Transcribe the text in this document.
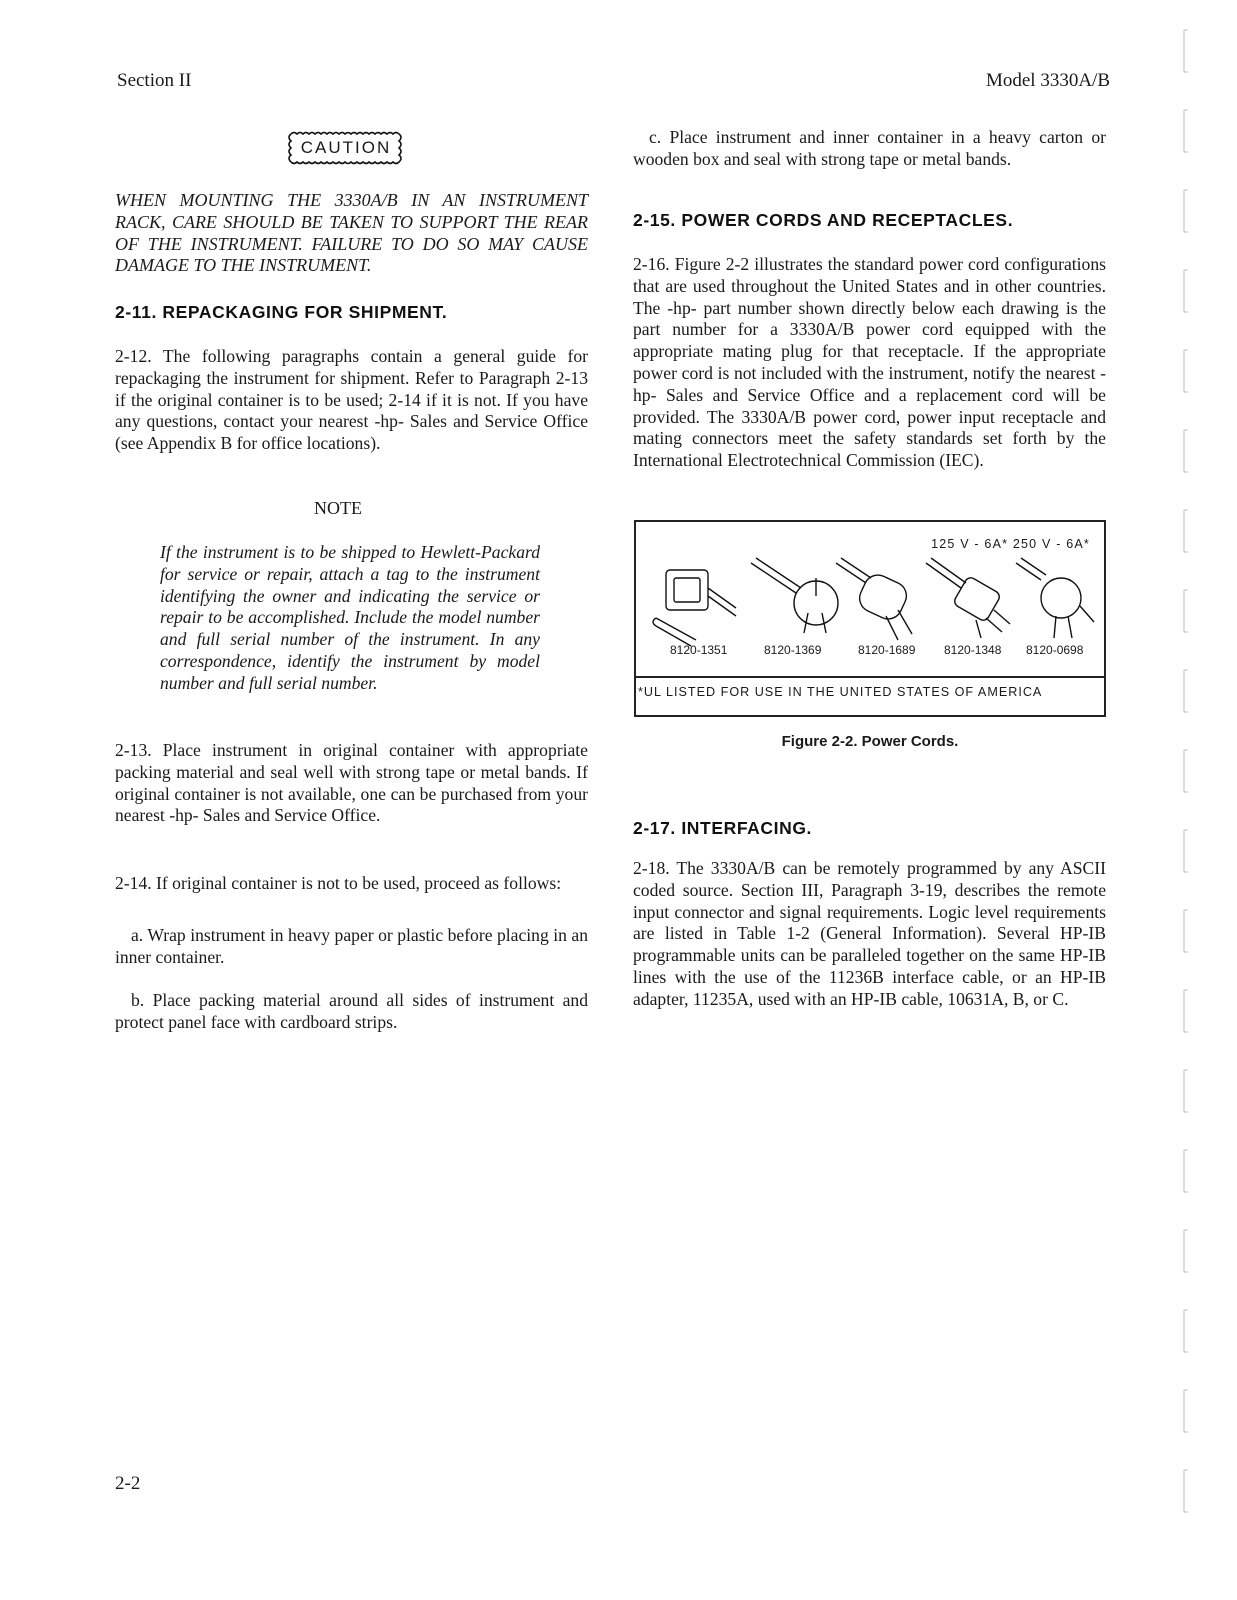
Section II	Model 3330A/B
CAUTION
WHEN MOUNTING THE 3330A/B IN AN INSTRUMENT RACK, CARE SHOULD BE TAKEN TO SUPPORT THE REAR OF THE INSTRUMENT. FAILURE TO DO SO MAY CAUSE DAMAGE TO THE INSTRUMENT.
2-11. REPACKAGING FOR SHIPMENT.
2-12. The following paragraphs contain a general guide for repackaging the instrument for shipment. Refer to Paragraph 2-13 if the original container is to be used; 2-14 if it is not. If you have any questions, contact your nearest -hp- Sales and Service Office (see Appendix B for office locations).
NOTE
If the instrument is to be shipped to Hewlett-Packard for service or repair, attach a tag to the instrument identifying the owner and indicating the service or repair to be accomplished. Include the model number and full serial number of the instrument. In any correspondence, identify the instrument by model number and full serial number.
2-13. Place instrument in original container with appropriate packing material and seal well with strong tape or metal bands. If original container is not available, one can be purchased from your nearest -hp- Sales and Service Office.
2-14. If original container is not to be used, proceed as follows:
a. Wrap instrument in heavy paper or plastic before placing in an inner container.
b. Place packing material around all sides of instrument and protect panel face with cardboard strips.
c. Place instrument and inner container in a heavy carton or wooden box and seal with strong tape or metal bands.
2-15. POWER CORDS AND RECEPTACLES.
2-16. Figure 2-2 illustrates the standard power cord configurations that are used throughout the United States and in other countries. The -hp- part number shown directly below each drawing is the part number for a 3330A/B power cord equipped with the appropriate mating plug for that receptacle. If the appropriate power cord is not included with the instrument, notify the nearest -hp- Sales and Service Office and a replacement cord will be provided. The 3330A/B power cord, power input receptacle and mating connectors meet the safety standards set forth by the International Electrotechnical Commission (IEC).
125 V - 6A* 250 V - 6A*
8120-1351	8120-1369	8120-1689 8120-1348 8120-0698
*UL LISTED FOR USE IN THE UNITED STATES OF AMERICA
Figure 2-2. Power Cords.
2-17. INTERFACING.
2-18. The 3330A/B can be remotely programmed by any ASCII coded source. Section III, Paragraph 3-19, describes the remote input connector and signal requirements. Logic level requirements are listed in Table 1-2 (General Information). Several HP-IB programmable units can be paralleled together on the same HP-IB lines with the use of the 11236B interface cable, or an HP-IB adapter, 11235A, used with an HP-IB cable, 10631A, B, or C.
2-2
